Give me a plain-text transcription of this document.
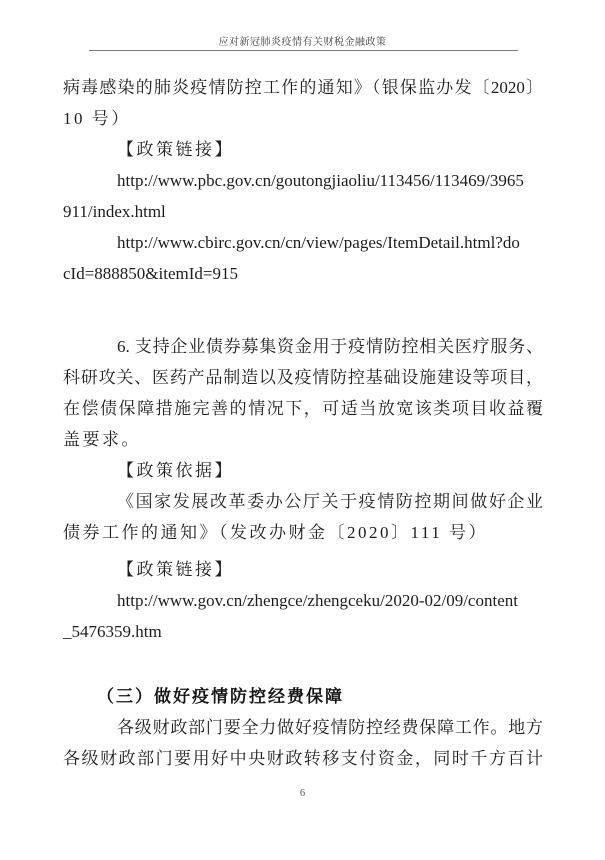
应对新冠肺炎疫情有关财税金融政策
病毒感染的肺炎疫情防控工作的通知》（银保监办发〔2020〕
10 号）
【政策链接】
http://www.pbc.gov.cn/goutongjiaoliu/113456/113469/3965
911/index.html
http://www.cbirc.gov.cn/cn/view/pages/ItemDetail.html?do
cId=888850&itemId=915
6. 支持企业债券募集资金用于疫情防控相关医疗服务、
科研攻关、医药产品制造以及疫情防控基础设施建设等项目，
在偿债保障措施完善的情况下，可适当放宽该类项目收益覆
盖要求。
【政策依据】
《国家发展改革委办公厅关于疫情防控期间做好企业
债券工作的通知》（发改办财金〔2020〕111 号）
【政策链接】
http://www.gov.cn/zhengce/zhengceku/2020-02/09/content
_5476359.htm
（三）做好疫情防控经费保障
各级财政部门要全力做好疫情防控经费保障工作。地方
各级财政部门要用好中央财政转移支付资金，同时千方百计
6
